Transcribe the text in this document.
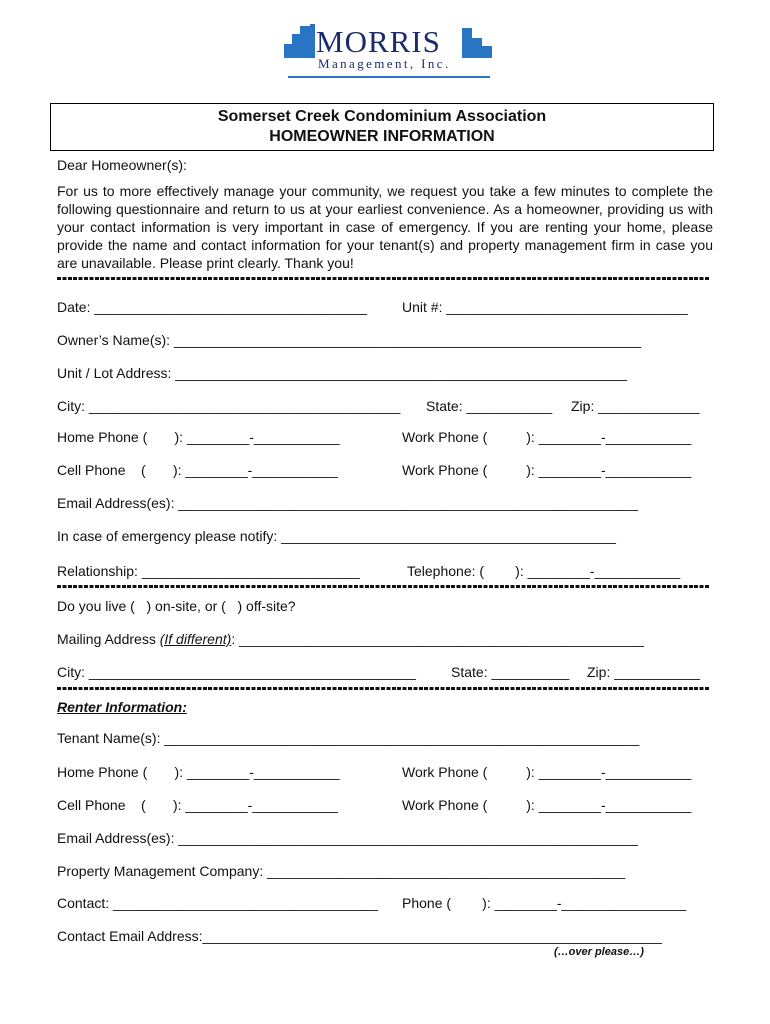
MORRIS
Management, Inc.
Somerset Creek Condominium Association
HOMEOWNER INFORMATION
Dear Homeowner(s):
For us to more effectively manage your community, we request you take a few minutes to complete the following questionnaire and return to us at your earliest convenience. As a homeowner, providing us with your contact information is very important in case of emergency. If you are renting your home, please provide the name and contact information for your tenant(s) and property management firm in case you are unavailable. Please print clearly. Thank you!
Date: ___________________________________	Unit #: _______________________________
Owner’s Name(s): ____________________________________________________________
Unit / Lot Address: __________________________________________________________
City: ________________________________________ State: ___________ Zip: _____________
Home Phone (       ): ________-___________	Work Phone (          ): ________-___________
Cell Phone    (       ): ________-___________	Work Phone (          ): ________-___________
Email Address(es): ___________________________________________________________
In case of emergency please notify: ___________________________________________
Relationship: ____________________________	Telephone: (        ): ________-___________
Do you live (   ) on-site, or (   ) off-site?
Mailing Address (If different): ____________________________________________________
City: __________________________________________	State: __________ Zip: ___________
Renter Information:
Tenant Name(s): _____________________________________________________________
Home Phone (       ): ________-___________	Work Phone (          ): ________-___________
Cell Phone    (       ): ________-___________	Work Phone (          ): ________-___________
Email Address(es): ___________________________________________________________
Property Management Company: ______________________________________________
Contact: __________________________________ Phone (        ): ________-________________
Contact Email Address:___________________________________________________________
(…over please…)
